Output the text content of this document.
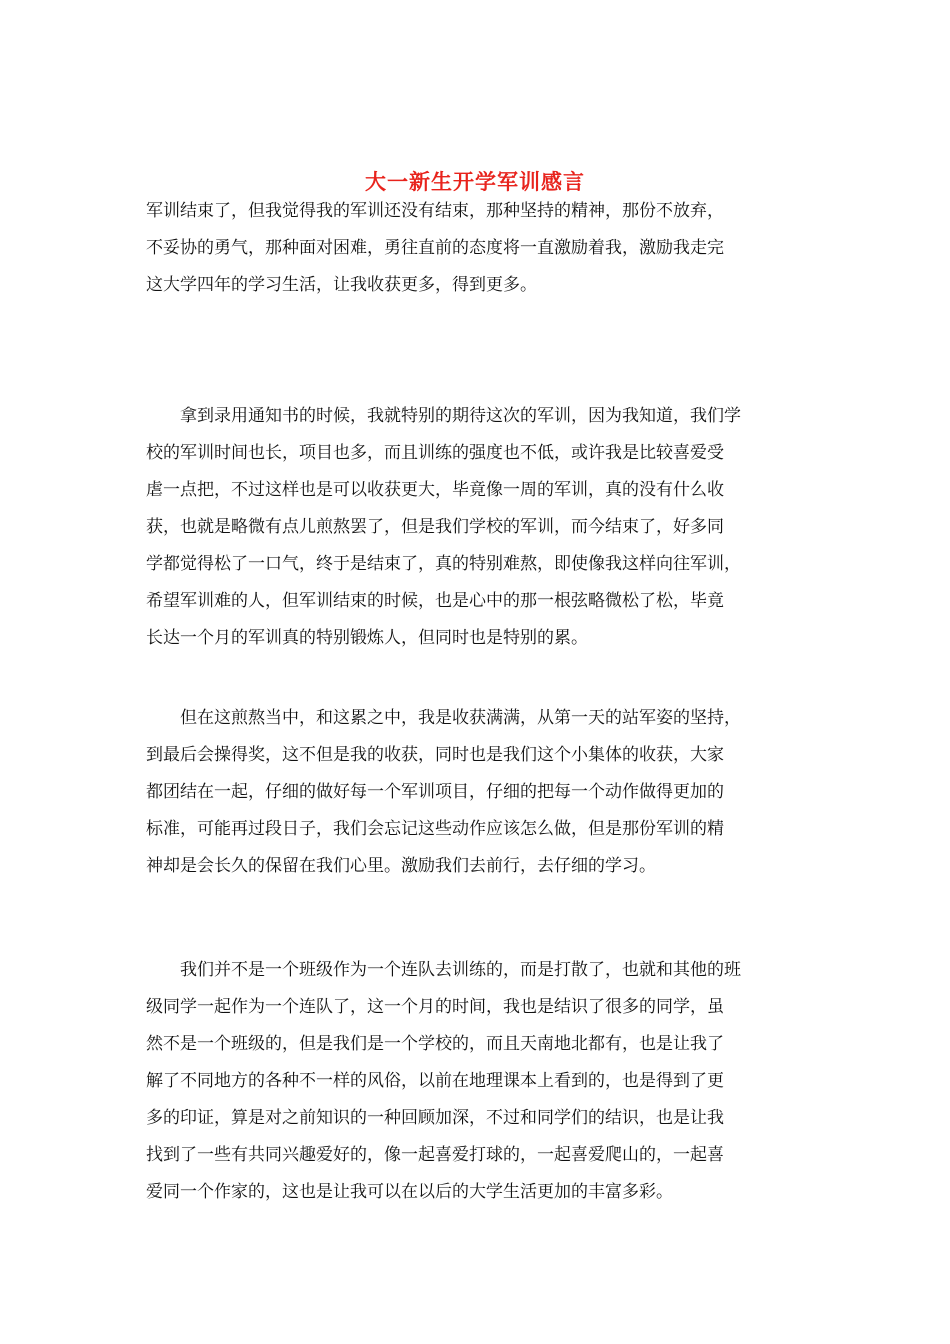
大一新生开学军训感言

军训结束了，但我觉得我的军训还没有结束，那种坚持的精神，那份不放弃，
不妥协的勇气，那种面对困难，勇往直前的态度将一直激励着我，激励我走完
这大学四年的学习生活，让我收获更多，得到更多。

　　拿到录用通知书的时候，我就特别的期待这次的军训，因为我知道，我们学
校的军训时间也长，项目也多，而且训练的强度也不低，或许我是比较喜爱受
虐一点把，不过这样也是可以收获更大，毕竟像一周的军训，真的没有什么收
获，也就是略微有点儿煎熬罢了，但是我们学校的军训，而今结束了，好多同
学都觉得松了一口气，终于是结束了，真的特别难熬，即使像我这样向往军训，
希望军训难的人，但军训结束的时候，也是心中的那一根弦略微松了松，毕竟
长达一个月的军训真的特别锻炼人，但同时也是特别的累。

　　但在这煎熬当中，和这累之中，我是收获满满，从第一天的站军姿的坚持，
到最后会操得奖，这不但是我的收获，同时也是我们这个小集体的收获，大家
都团结在一起，仔细的做好每一个军训项目，仔细的把每一个动作做得更加的
标准，可能再过段日子，我们会忘记这些动作应该怎么做，但是那份军训的精
神却是会长久的保留在我们心里。激励我们去前行，去仔细的学习。

　　我们并不是一个班级作为一个连队去训练的，而是打散了，也就和其他的班
级同学一起作为一个连队了，这一个月的时间，我也是结识了很多的同学，虽
然不是一个班级的，但是我们是一个学校的，而且天南地北都有，也是让我了
解了不同地方的各种不一样的风俗，以前在地理课本上看到的，也是得到了更
多的印证，算是对之前知识的一种回顾加深，不过和同学们的结识，也是让我
找到了一些有共同兴趣爱好的，像一起喜爱打球的，一起喜爱爬山的，一起喜
爱同一个作家的，这也是让我可以在以后的大学生活更加的丰富多彩。
